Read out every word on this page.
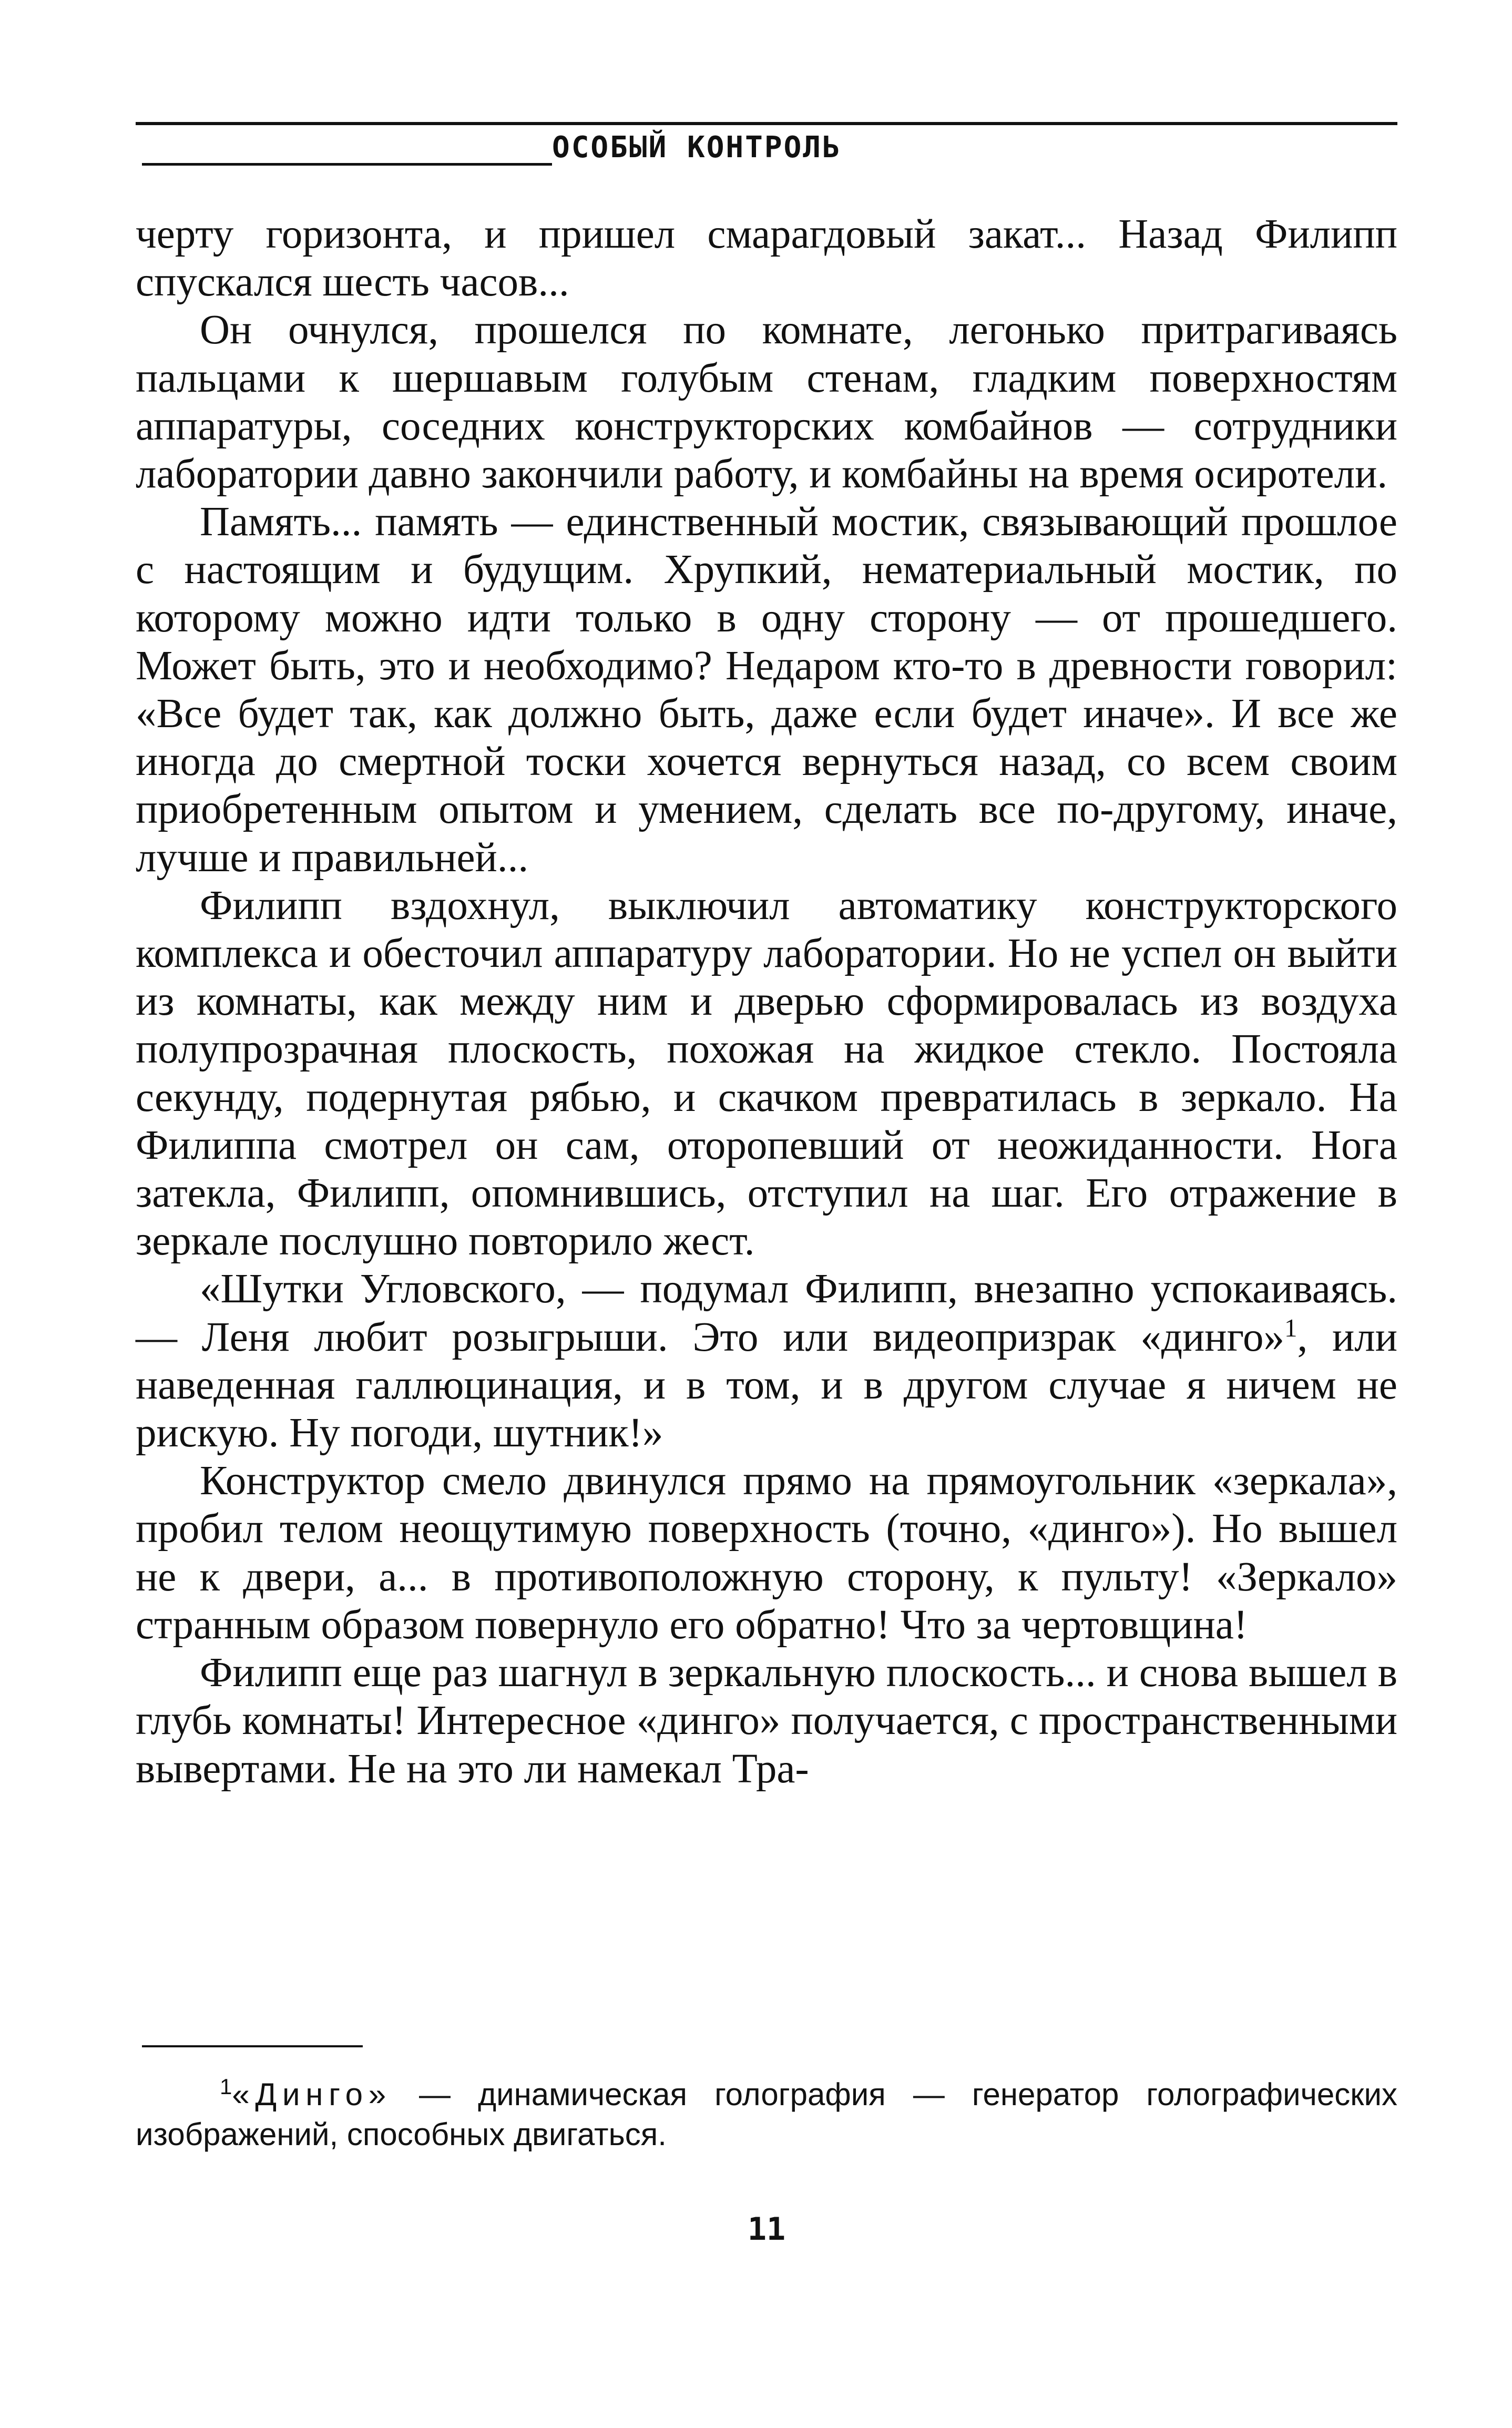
ОСОБЫЙ КОНТРОЛЬ

черту горизонта, и пришел смарагдовый закат... Назад Филипп спускался шесть часов...

Он очнулся, прошелся по комнате, легонько притрагиваясь пальцами к шершавым голубым стенам, гладким поверхностям аппаратуры, соседних конструкторских комбайнов — сотрудники лаборатории давно закончили работу, и комбайны на время осиротели.

Память... память — единственный мостик, связывающий прошлое с настоящим и будущим. Хрупкий, нематериальный мостик, по которому можно идти только в одну сторону — от прошедшего. Может быть, это и необходимо? Недаром кто-то в древности говорил: «Все будет так, как должно быть, даже если будет иначе». И все же иногда до смертной тоски хочется вернуться назад, со всем своим приобретенным опытом и умением, сделать все по-другому, иначе, лучше и правильней...

Филипп вздохнул, выключил автоматику конструкторского комплекса и обесточил аппаратуру лаборатории. Но не успел он выйти из комнаты, как между ним и дверью сформировалась из воздуха полупрозрачная плоскость, похожая на жидкое стекло. Постояла секунду, подернутая рябью, и скачком превратилась в зеркало. На Филиппа смотрел он сам, оторопевший от неожиданности. Нога затекла, Филипп, опомнившись, отступил на шаг. Его отражение в зеркале послушно повторило жест.

«Шутки Угловского, — подумал Филипп, внезапно успокаиваясь. — Леня любит розыгрыши. Это или видеопризрак «динго»$^1$, или наведенная галлюцинация, и в том, и в другом случае я ничем не рискую. Ну погоди, шутник!»

Конструктор смело двинулся прямо на прямоугольник «зеркала», пробил телом неощутимую поверхность (точно, «динго»). Но вышел не к двери, а... в противоположную сторону, к пульту! «Зеркало» странным образом повернуло его обратно! Что за чертовщина!

Филипп еще раз шагнул в зеркальную плоскость... и снова вышел в глубь комнаты! Интересное «динго» получается, с пространственными вывертами. Не на это ли намекал Тра-

$^1$«Динго» — динамическая голография — генератор голографических изображений, способных двигаться.
11
